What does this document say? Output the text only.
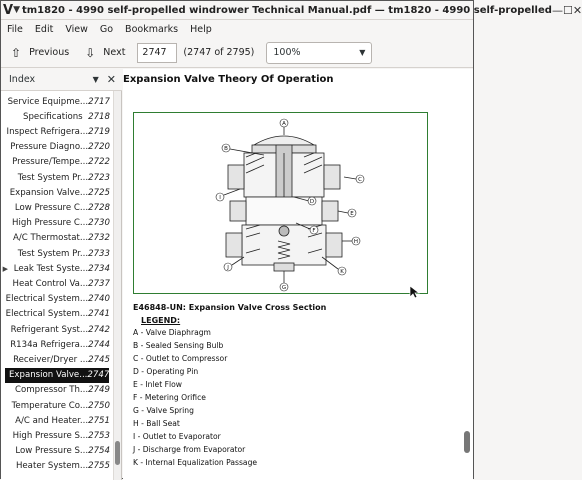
V ▼ tm1820 - 4990 self-propelled windrower Technical Manual.pdf — tm1820 - 4990 self-propelled — ☐ ✕
File Edit View Go Bookmarks Help
⇧ Previous ⇩ Next	2747	(2747 of 2795) 100%	▼
Index	▼ ✕
Service Equipme... 2717
Specifications 2718
Inspect Refrigera... 2719
Pressure Diagno... 2720
Pressure/Tempe... 2722
Test System Pr... 2723
Expansion Valve... 2725
Low Pressure C... 2728
High Pressure C... 2730
A/C Thermostat... 2732
Test System Pr... 2733
▶ Leak Test Syste... 2734
Heat Control Va... 2737
Electrical System... 2740
Electrical System... 2741
Refrigerant Syst... 2742
R134a Refrigera... 2744
Receiver/Dryer ... 2745
Expansion Valve... 2747
Compressor Th... 2749
Temperature Co... 2750
A/C and Heater... 2751
High Pressure S... 2753
Low Pressure S... 2754
Heater System... 2755
Expansion Valve Theory Of Operation
A
B
C
D
E
F
G
H
I
J
K
E46848-UN: Expansion Valve Cross Section
LEGEND:
A - Valve Diaphragm
B - Sealed Sensing Bulb
C - Outlet to Compressor
D - Operating Pin
E - Inlet Flow
F - Metering Orifice
G - Valve Spring
H - Ball Seat
I - Outlet to Evaporator
J - Discharge from Evaporator
K - Internal Equalization Passage
